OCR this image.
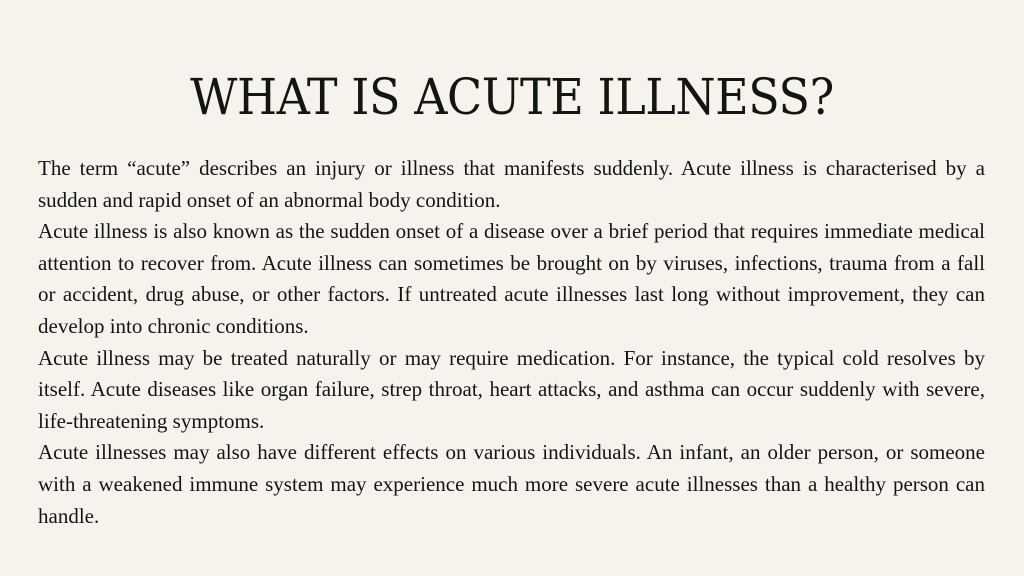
WHAT IS ACUTE ILLNESS?

The term “acute” describes an injury or illness that manifests suddenly. Acute illness is characterised by a sudden and rapid onset of an abnormal body condition.

Acute illness is also known as the sudden onset of a disease over a brief period that requires immediate medical attention to recover from. Acute illness can sometimes be brought on by viruses, infections, trauma from a fall or accident, drug abuse, or other factors. If untreated acute illnesses last long without improvement, they can develop into chronic conditions.

Acute illness may be treated naturally or may require medication. For instance, the typical cold resolves by itself. Acute diseases like organ failure, strep throat, heart attacks, and asthma can occur suddenly with severe, life-threatening symptoms.

Acute illnesses may also have different effects on various individuals. An infant, an older person, or someone with a weakened immune system may experience much more severe acute illnesses than a healthy person can handle.
